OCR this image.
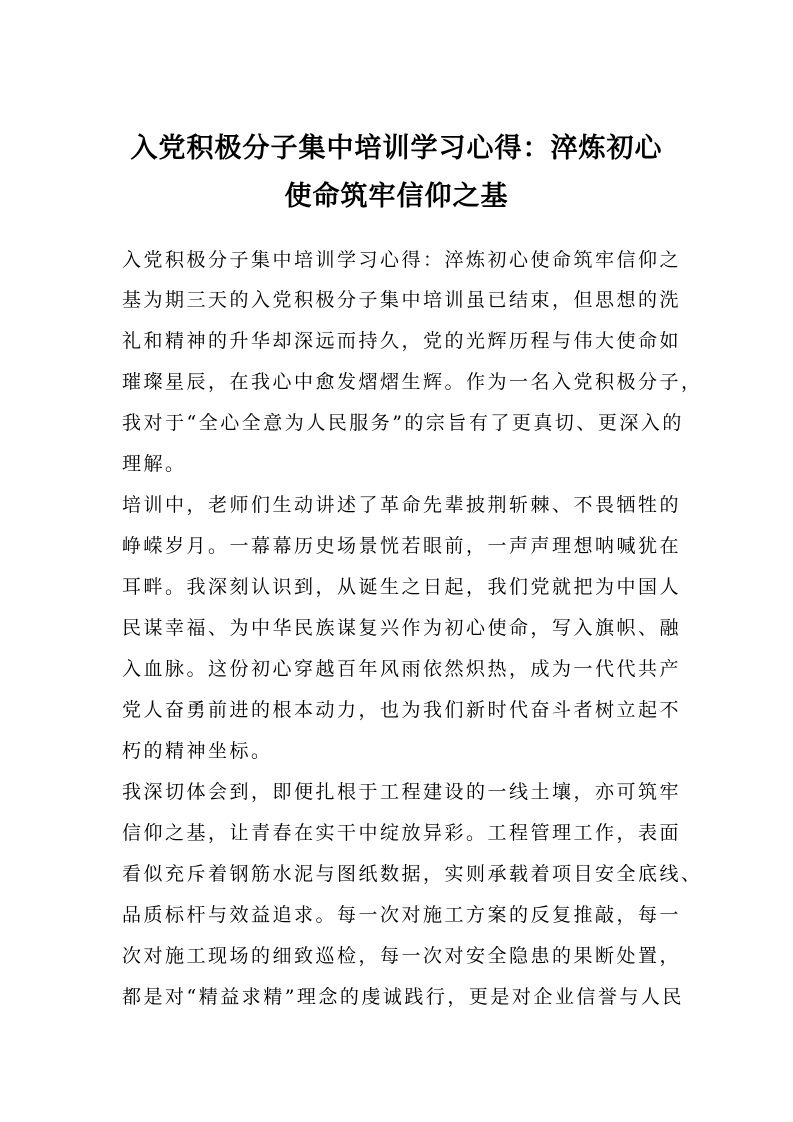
入党积极分子集中培训学习心得：淬炼初心
使命筑牢信仰之基
入党积极分子集中培训学习心得：淬炼初心使命筑牢信仰之
基为期三天的入党积极分子集中培训虽已结束，但思想的洗
礼和精神的升华却深远而持久，党的光辉历程与伟大使命如
璀璨星辰，在我心中愈发熠熠生辉。作为一名入党积极分子，
我对于“全心全意为人民服务”的宗旨有了更真切、更深入的
理解。
培训中，老师们生动讲述了革命先辈披荆斩棘、不畏牺牲的
峥嵘岁月。一幕幕历史场景恍若眼前，一声声理想呐喊犹在
耳畔。我深刻认识到，从诞生之日起，我们党就把为中国人
民谋幸福、为中华民族谋复兴作为初心使命，写入旗帜、融
入血脉。这份初心穿越百年风雨依然炽热，成为一代代共产
党人奋勇前进的根本动力，也为我们新时代奋斗者树立起不
朽的精神坐标。
我深切体会到，即便扎根于工程建设的一线土壤，亦可筑牢
信仰之基，让青春在实干中绽放异彩。工程管理工作，表面
看似充斥着钢筋水泥与图纸数据，实则承载着项目安全底线、
品质标杆与效益追求。每一次对施工方案的反复推敲，每一
次对施工现场的细致巡检，每一次对安全隐患的果断处置，
都是对“精益求精”理念的虔诚践行，更是对企业信誉与人民
